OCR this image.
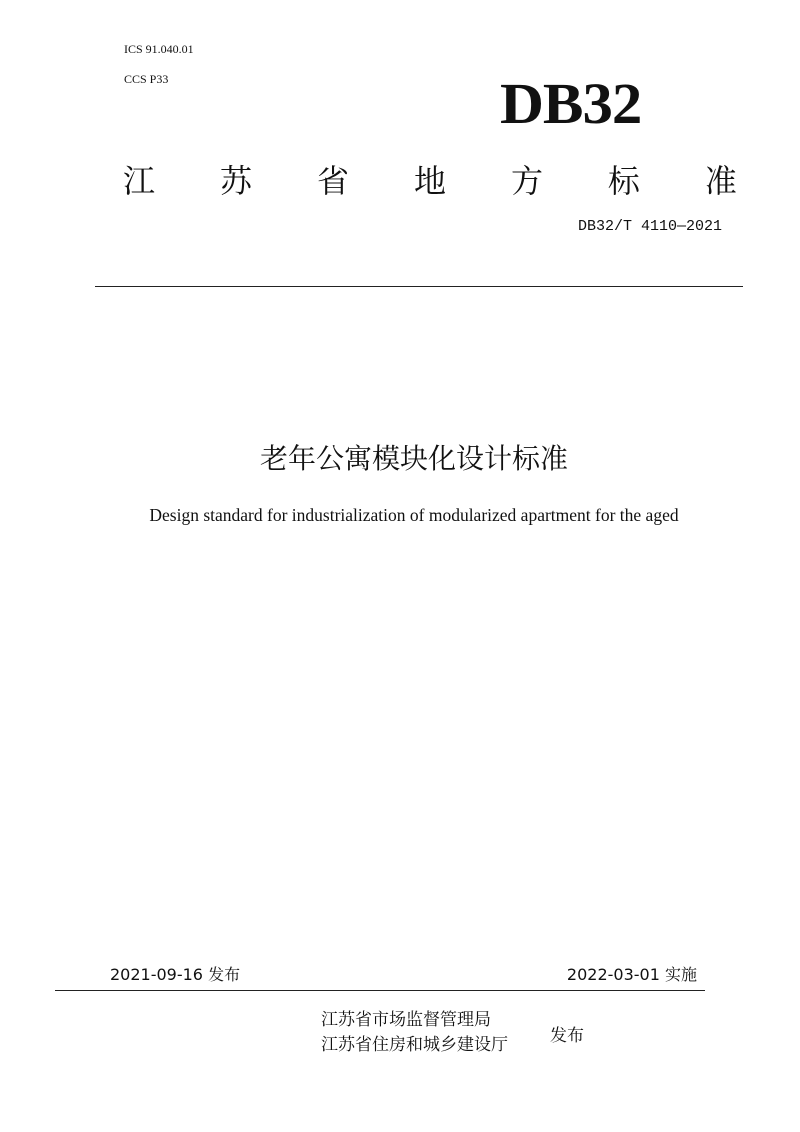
ICS 91.040.01
CCS P33	DB32
江 苏 省 地 方 标 准
DB32/T 4110—2021
老年公寓模块化设计标准
Design standard for industrialization of modularized apartment for the aged
2021-09-16 发布	2022-03-01 实施
江苏省市场监督管理局
江苏省住房和城乡建设厅 发布
